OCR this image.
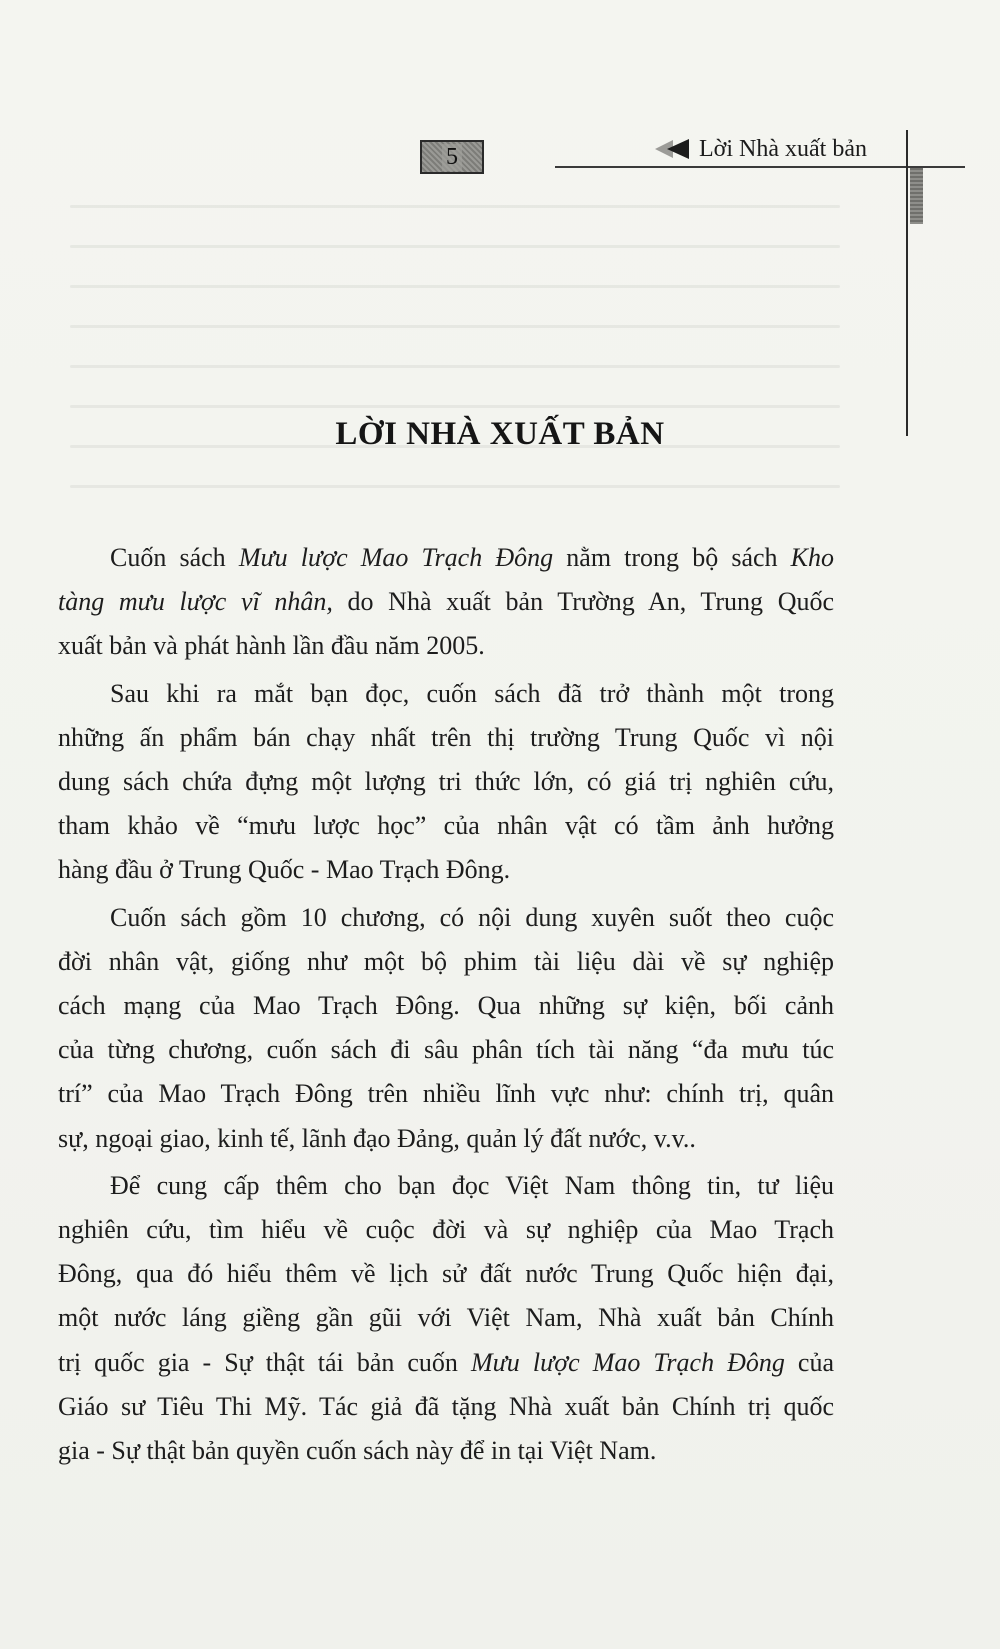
5	Lời Nhà xuất bản
LỜI NHÀ XUẤT BẢN
Cuốn sách Mưu lược Mao Trạch Đông nằm trong bộ sách Kho
tàng mưu lược vĩ nhân, do Nhà xuất bản Trường An, Trung Quốc
xuất bản và phát hành lần đầu năm 2005.
Sau khi ra mắt bạn đọc, cuốn sách đã trở thành một trong
những ấn phẩm bán chạy nhất trên thị trường Trung Quốc vì nội
dung sách chứa đựng một lượng tri thức lớn, có giá trị nghiên cứu,
tham khảo về “mưu lược học” của nhân vật có tầm ảnh hưởng
hàng đầu ở Trung Quốc - Mao Trạch Đông.
Cuốn sách gồm 10 chương, có nội dung xuyên suốt theo cuộc
đời nhân vật, giống như một bộ phim tài liệu dài về sự nghiệp
cách mạng của Mao Trạch Đông. Qua những sự kiện, bối cảnh
của từng chương, cuốn sách đi sâu phân tích tài năng “đa mưu túc
trí” của Mao Trạch Đông trên nhiều lĩnh vực như: chính trị, quân
sự, ngoại giao, kinh tế, lãnh đạo Đảng, quản lý đất nước, v.v..
Để cung cấp thêm cho bạn đọc Việt Nam thông tin, tư liệu
nghiên cứu, tìm hiểu về cuộc đời và sự nghiệp của Mao Trạch
Đông, qua đó hiểu thêm về lịch sử đất nước Trung Quốc hiện đại,
một nước láng giềng gần gũi với Việt Nam, Nhà xuất bản Chính
trị quốc gia - Sự thật tái bản cuốn Mưu lược Mao Trạch Đông của
Giáo sư Tiêu Thi Mỹ. Tác giả đã tặng Nhà xuất bản Chính trị quốc
gia - Sự thật bản quyền cuốn sách này để in tại Việt Nam.
